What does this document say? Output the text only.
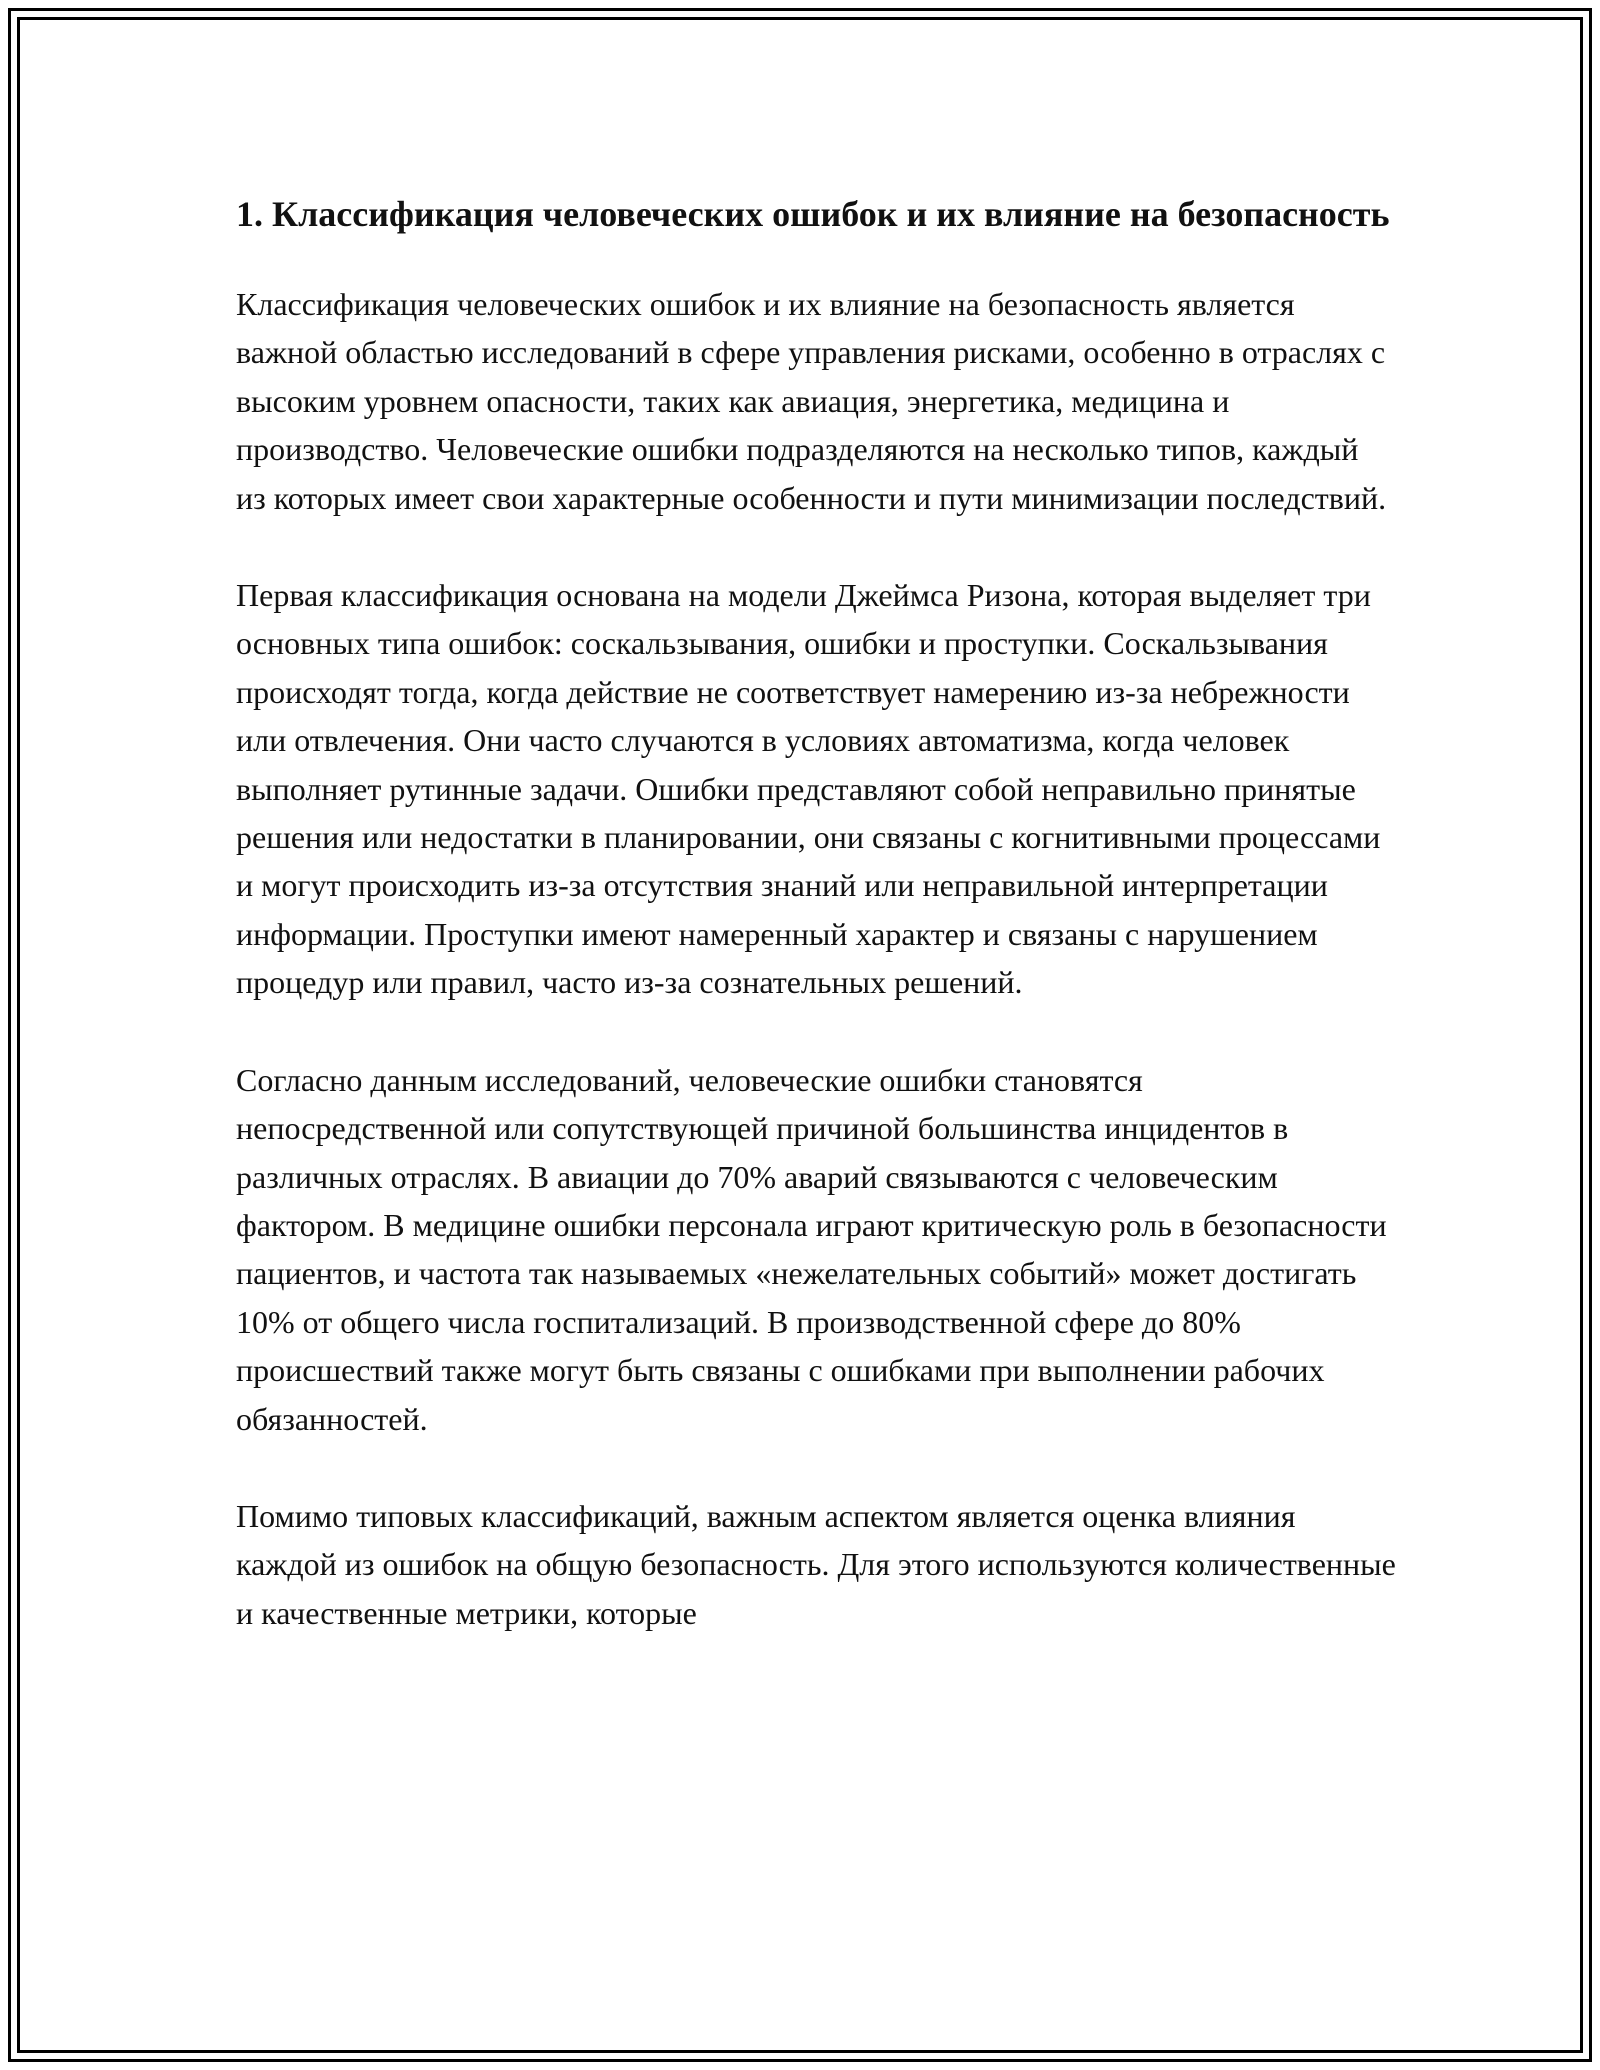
1. Классификация человеческих ошибок и их влияние на безопасность

Классификация человеческих ошибок и их влияние на безопасность является важной областью исследований в сфере управления рисками, особенно в отраслях с высоким уровнем опасности, таких как авиация, энергетика, медицина и производство. Человеческие ошибки подразделяются на несколько типов, каждый из которых имеет свои характерные особенности и пути минимизации последствий.

Первая классификация основана на модели Джеймса Ризона, которая выделяет три основных типа ошибок: соскальзывания, ошибки и проступки. Соскальзывания происходят тогда, когда действие не соответствует намерению из-за небрежности или отвлечения. Они часто случаются в условиях автоматизма, когда человек выполняет рутинные задачи. Ошибки представляют собой неправильно принятые решения или недостатки в планировании, они связаны с когнитивными процессами и могут происходить из-за отсутствия знаний или неправильной интерпретации информации. Проступки имеют намеренный характер и связаны с нарушением процедур или правил, часто из-за сознательных решений.

Согласно данным исследований, человеческие ошибки становятся непосредственной или сопутствующей причиной большинства инцидентов в различных отраслях. В авиации до 70% аварий связываются с человеческим фактором. В медицине ошибки персонала играют критическую роль в безопасности пациентов, и частота так называемых «нежелательных событий» может достигать 10% от общего числа госпитализаций. В производственной сфере до 80% происшествий также могут быть связаны с ошибками при выполнении рабочих обязанностей.

Помимо типовых классификаций, важным аспектом является оценка влияния каждой из ошибок на общую безопасность. Для этого используются количественные и качественные метрики, которые
